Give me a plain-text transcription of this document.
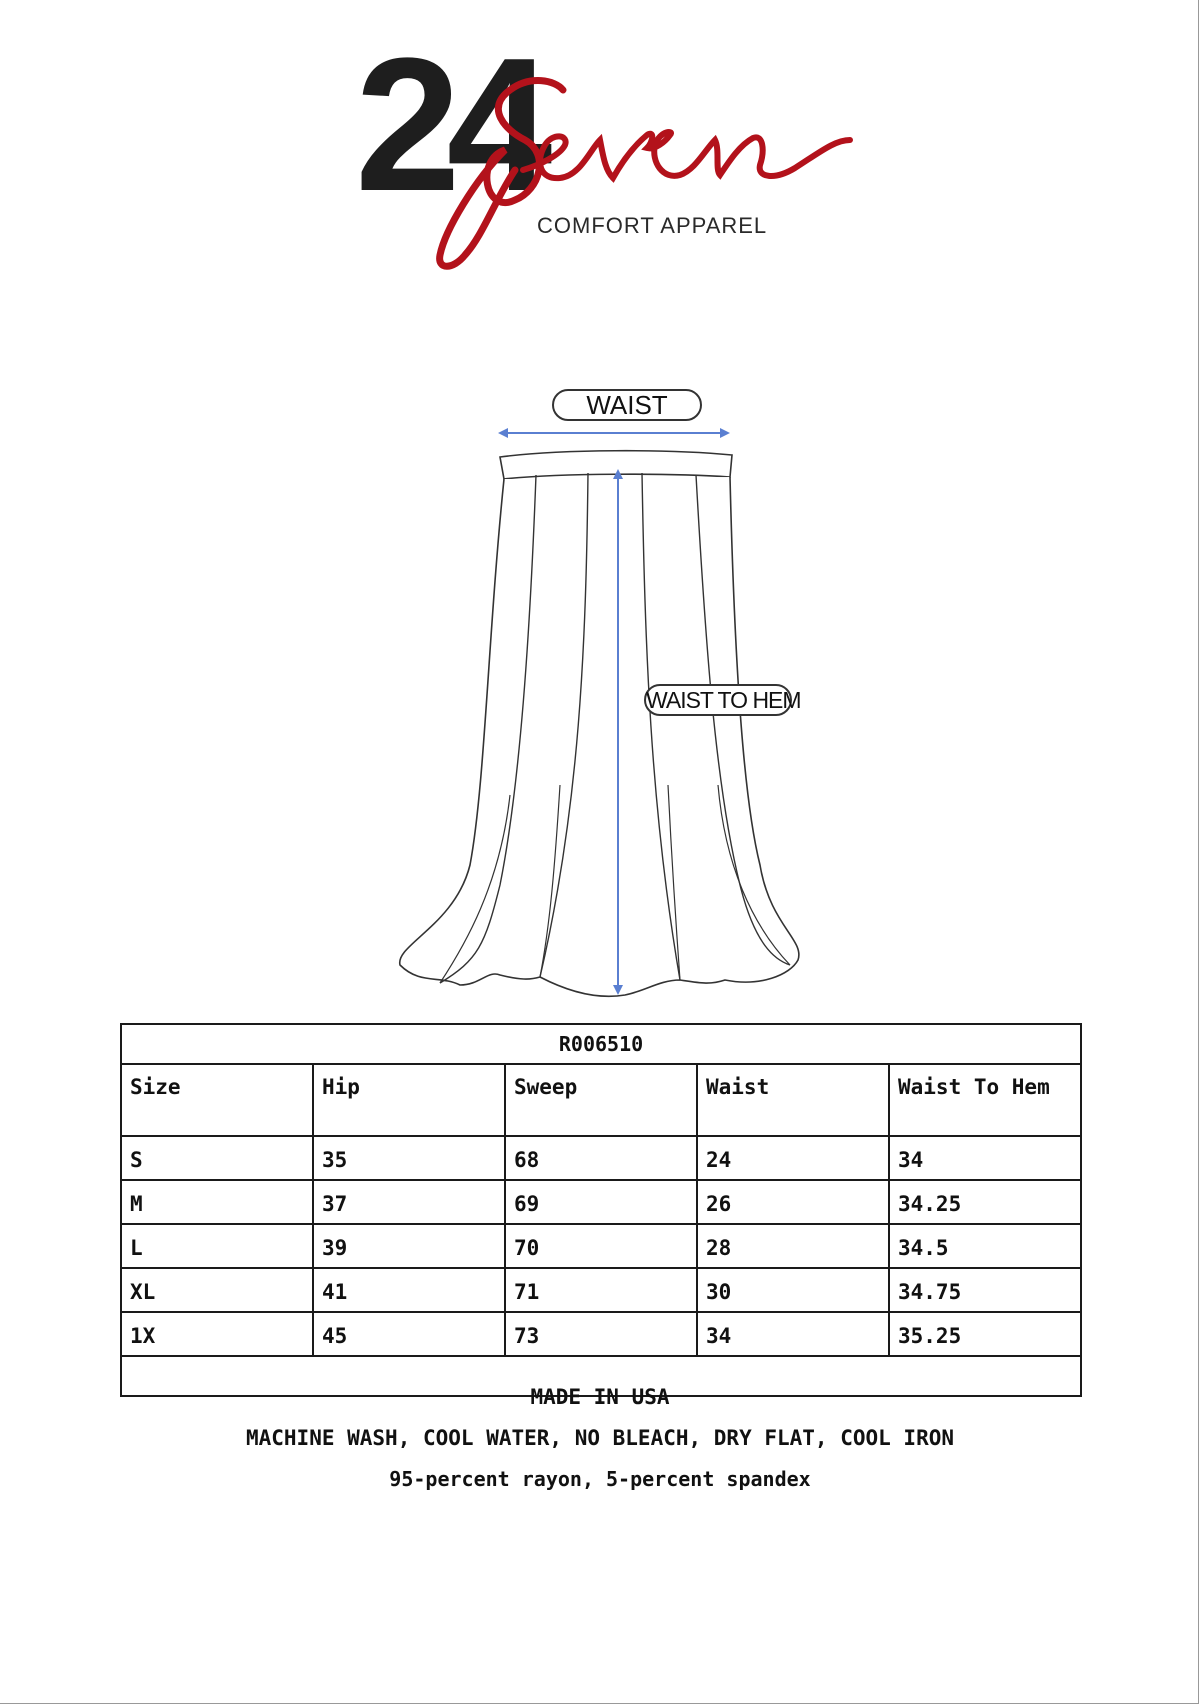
24
COMFORT APPAREL
WAIST
WAIST TO HEM
R006510				
Size	Hip	Sweep	Waist	Waist To Hem
S	35	68	24	34
M	37	69	26	34.25
L	39	70	28	34.5
XL	41	71	30	34.75
1X	45	73	34	35.25

MADE IN USA
MACHINE WASH, COOL WATER, NO BLEACH, DRY FLAT, COOL IRON
95-percent rayon, 5-percent spandex
